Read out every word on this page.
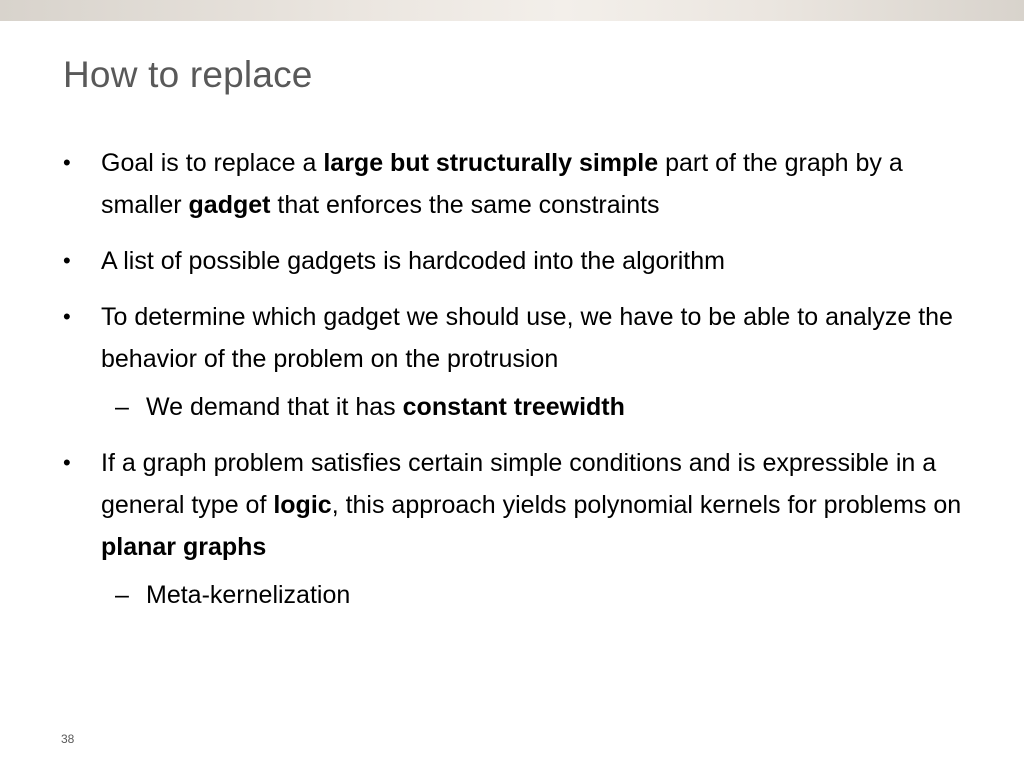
How to replace
•	Goal is to replace a large but structurally simple part of the graph by a smaller gadget that enforces the same constraints
•	A list of possible gadgets is hardcoded into the algorithm
•	To determine which gadget we should use, we have to be able to analyze the behavior of the problem on the protrusion
– We demand that it has constant treewidth
•	If a graph problem satisfies certain simple conditions and is expressible in a general type of logic, this approach yields polynomial kernels for problems on planar graphs
– Meta-kernelization
38
